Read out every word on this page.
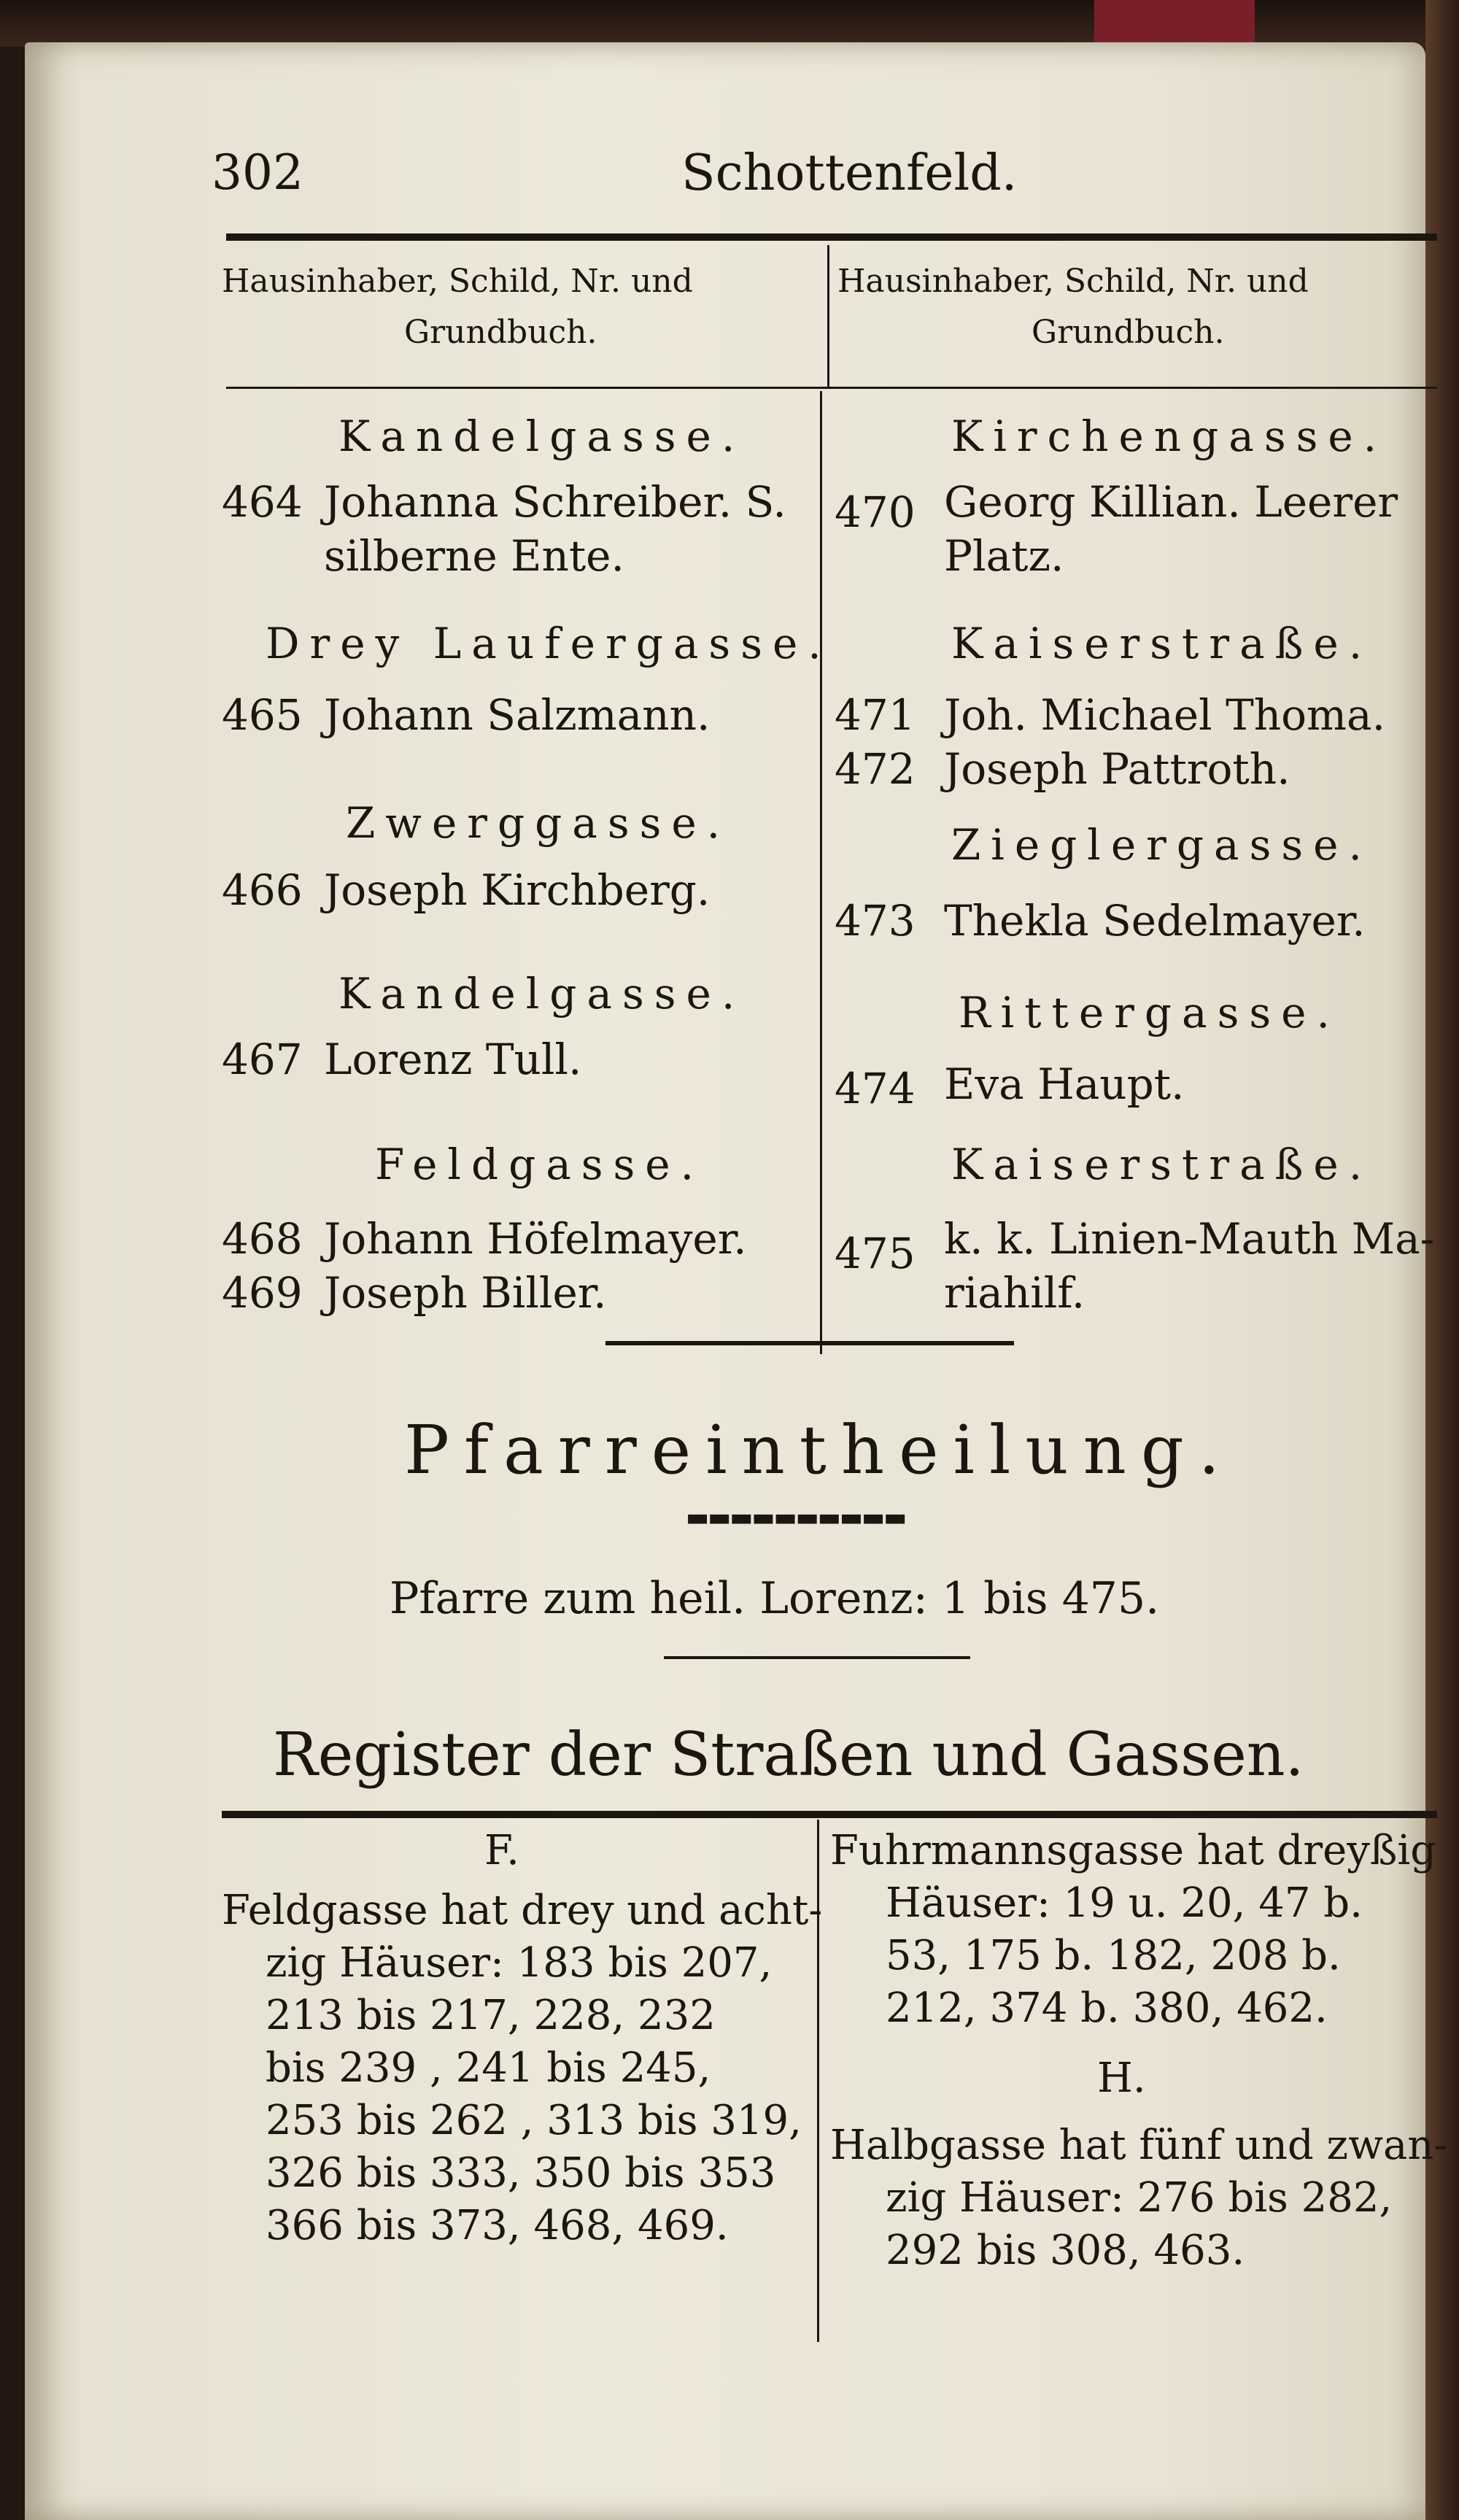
302	Schottenfeld.
Hausinhaber, Schild, Nr. und
Grundbuch.
Hausinhaber, Schild, Nr. und
Grundbuch.
Kandelgasse.
464 Johanna Schreiber. S.
silberne Ente.
Drey Laufergasse.
465 Johann Salzmann.
Zwerggasse.
466 Joseph Kirchberg.
Kandelgasse.
467 Lorenz Tull.
Feldgasse.
468 Johann Höfelmayer.
469 Joseph Biller.
Kirchengasse.
470 Georg Killian. Leerer
Platz.
Kaiserstraße.
471 Joh. Michael Thoma.
472 Joseph Pattroth.
Zieglergasse.
473 Thekla Sedelmayer.
Rittergasse.
474 Eva Haupt.
Kaiserstraße.
475 k. k. Linien-Mauth Ma-
riahilf.
Pfarreintheilung.
▬▬▬▬▬▬▬▬▬▬
Pfarre zum heil. Lorenz: 1 bis 475.
Register der Straßen und Gassen.
F.
Feldgasse hat drey und acht-
zig Häuser: 183 bis 207,
213 bis 217, 228, 232
bis 239 , 241 bis 245,
253 bis 262 , 313 bis 319,
326 bis 333, 350 bis 353
366 bis 373, 468, 469.
Fuhrmannsgasse hat dreyßig
Häuser: 19 u. 20, 47 b.
53, 175 b. 182, 208 b.
212, 374 b. 380, 462.
H.
Halbgasse hat fünf und zwan-
zig Häuser: 276 bis 282,
292 bis 308, 463.
